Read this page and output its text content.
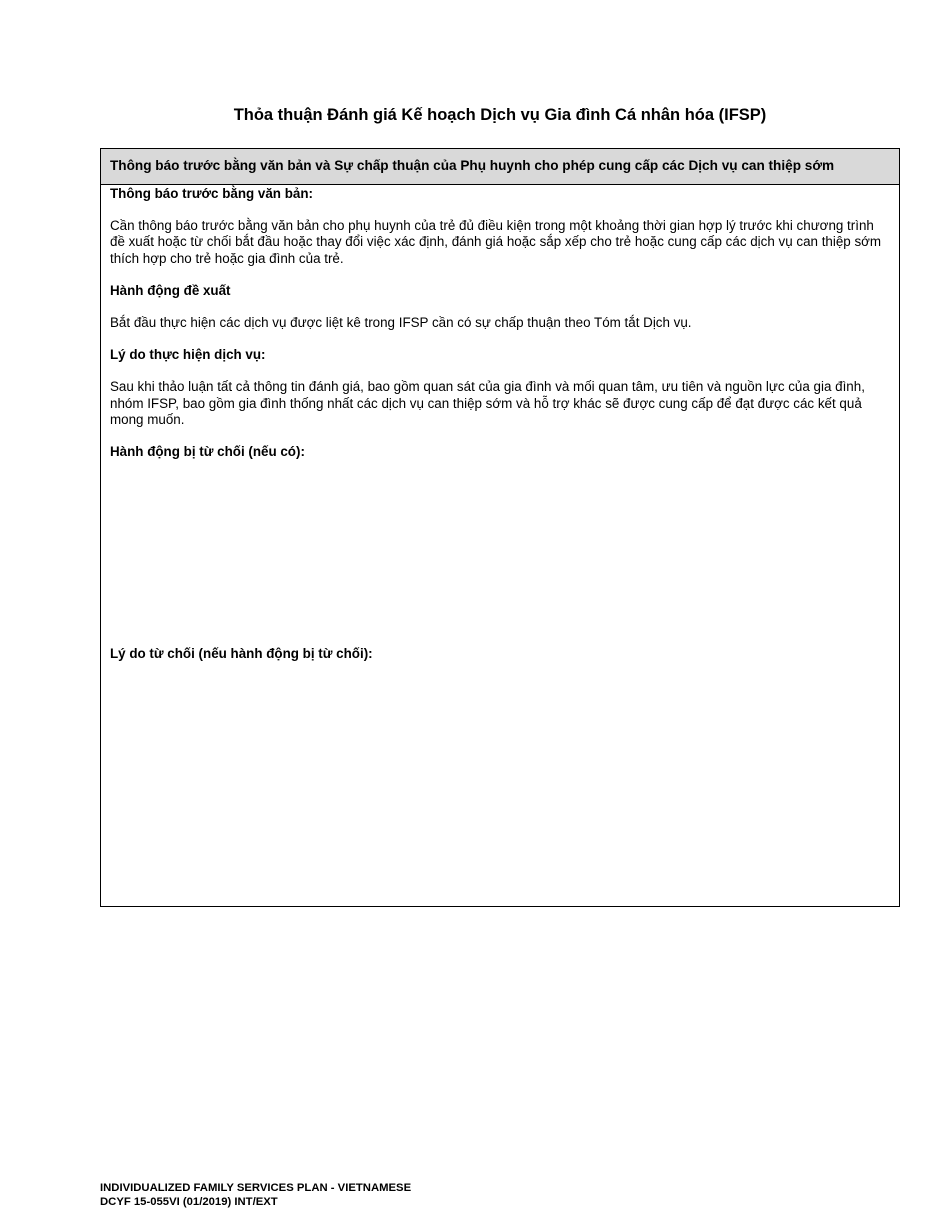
Thỏa thuận Đánh giá Kế hoạch Dịch vụ Gia đình Cá nhân hóa (IFSP)
Thông báo trước bằng văn bản và Sự chấp thuận của Phụ huynh cho phép cung cấp các Dịch vụ can thiệp sớm

Thông báo trước bằng văn bản:

Cần thông báo trước bằng văn bản cho phụ huynh của trẻ đủ điều kiện trong một khoảng thời gian hợp lý trước khi chương trình đề xuất hoặc từ chối bắt đầu hoặc thay đổi việc xác định, đánh giá hoặc sắp xếp cho trẻ hoặc cung cấp các dịch vụ can thiệp sớm thích hợp cho trẻ hoặc gia đình của trẻ.

Hành động đề xuất

Bắt đầu thực hiện các dịch vụ được liệt kê trong IFSP cần có sự chấp thuận theo Tóm tắt Dịch vụ.

Lý do thực hiện dịch vụ:

Sau khi thảo luận tất cả thông tin đánh giá, bao gồm quan sát của gia đình và mối quan tâm, ưu tiên và nguồn lực của gia đình, nhóm IFSP, bao gồm gia đình thống nhất các dịch vụ can thiệp sớm và hỗ trợ khác sẽ được cung cấp để đạt được các kết quả mong muốn.

Hành động bị từ chối (nếu có):

Lý do từ chối (nếu hành động bị từ chối):

INDIVIDUALIZED FAMILY SERVICES PLAN - VIETNAMESE
DCYF 15-055VI (01/2019) INT/EXT
